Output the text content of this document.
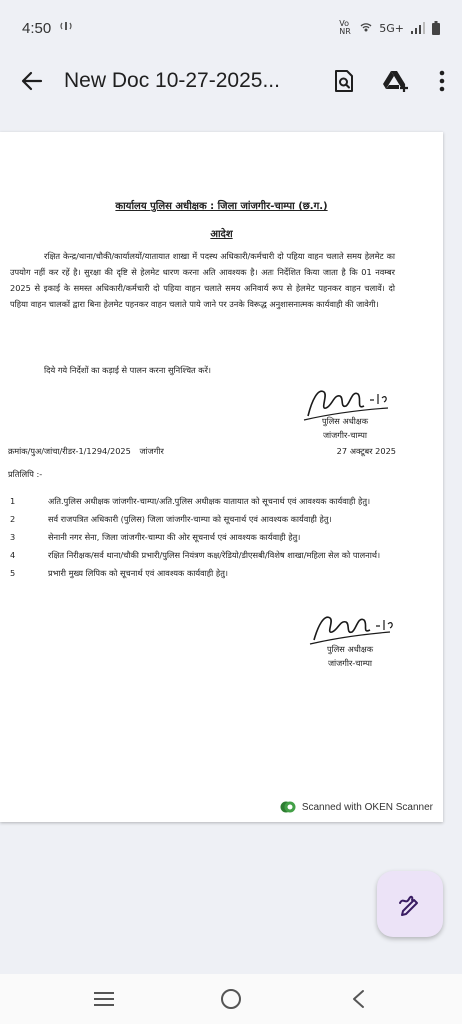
4:50	Vo NR	5G+
New Doc 10-27-2025...
कार्यालय पुलिस अधीक्षक : जिला जांजगीर-चाम्पा (छ.ग.)
आदेश
रक्षित केन्द्र/थाना/चौकी/कार्यालयों/यातायात शाखा में पदस्थ अधिकारी/कर्मचारी दो पहिया वाहन चलाते समय हेलमेट का उपयोग नहीं कर रहें है। सुरक्षा की दृष्टि से हेलमेट धारण करना अति आवश्यक है। अतः निर्देशित किया जाता है कि 01 नवम्बर 2025 से इकाई के समस्त अधिकारी/कर्मचारी दो पहिया वाहन चलाते समय अनिवार्य रूप से हेलमेट पहनकर वाहन चलावें। दो पहिया वाहन चालकों द्वारा बिना हेलमेट पहनकर वाहन चलाते पाये जाने पर उनके विरूद्ध अनुशासनात्मक कार्यवाही की जावेगी।
दिये गये निर्देशों का कड़ाई से पालन करना सुनिश्चित करें।
पुलिस अधीक्षक
जांजगीर-चाम्पा
क्रमांक/पुअ/जांचा/रीडर-1/1294/2025 जांजगीर	27 अक्टूबर 2025
प्रतिलिपि :-
1	अति.पुलिस अधीक्षक जांजगीर-चाम्पा/अति.पुलिस अधीक्षक यातायात को सूचनार्थ एवं आवश्यक कार्यवाही हेतु।
2	सर्व राजपत्रित अधिकारी (पुलिस) जिला जांजगीर-चाम्पा को सूचनार्थ एवं आवश्यक कार्यवाही हेतु।
3	सेनानी नगर सेना, जिला जांजगीर-चाम्पा की ओर सूचनार्थ एवं आवश्यक कार्यवाही हेतु।
4	रक्षित निरीक्षक/सर्व थाना/चौकी प्रभारी/पुलिस नियंत्रण कक्ष/रेडियो/डीएसबी/विशेष शाखा/महिला सेल को पालनार्थ।
5	प्रभारी मुख्य लिपिक को सूचनार्थ एवं आवश्यक कार्यवाही हेतु।
पुलिस अधीक्षक
जांजगीर-चाम्पा
Scanned with OKEN Scanner
